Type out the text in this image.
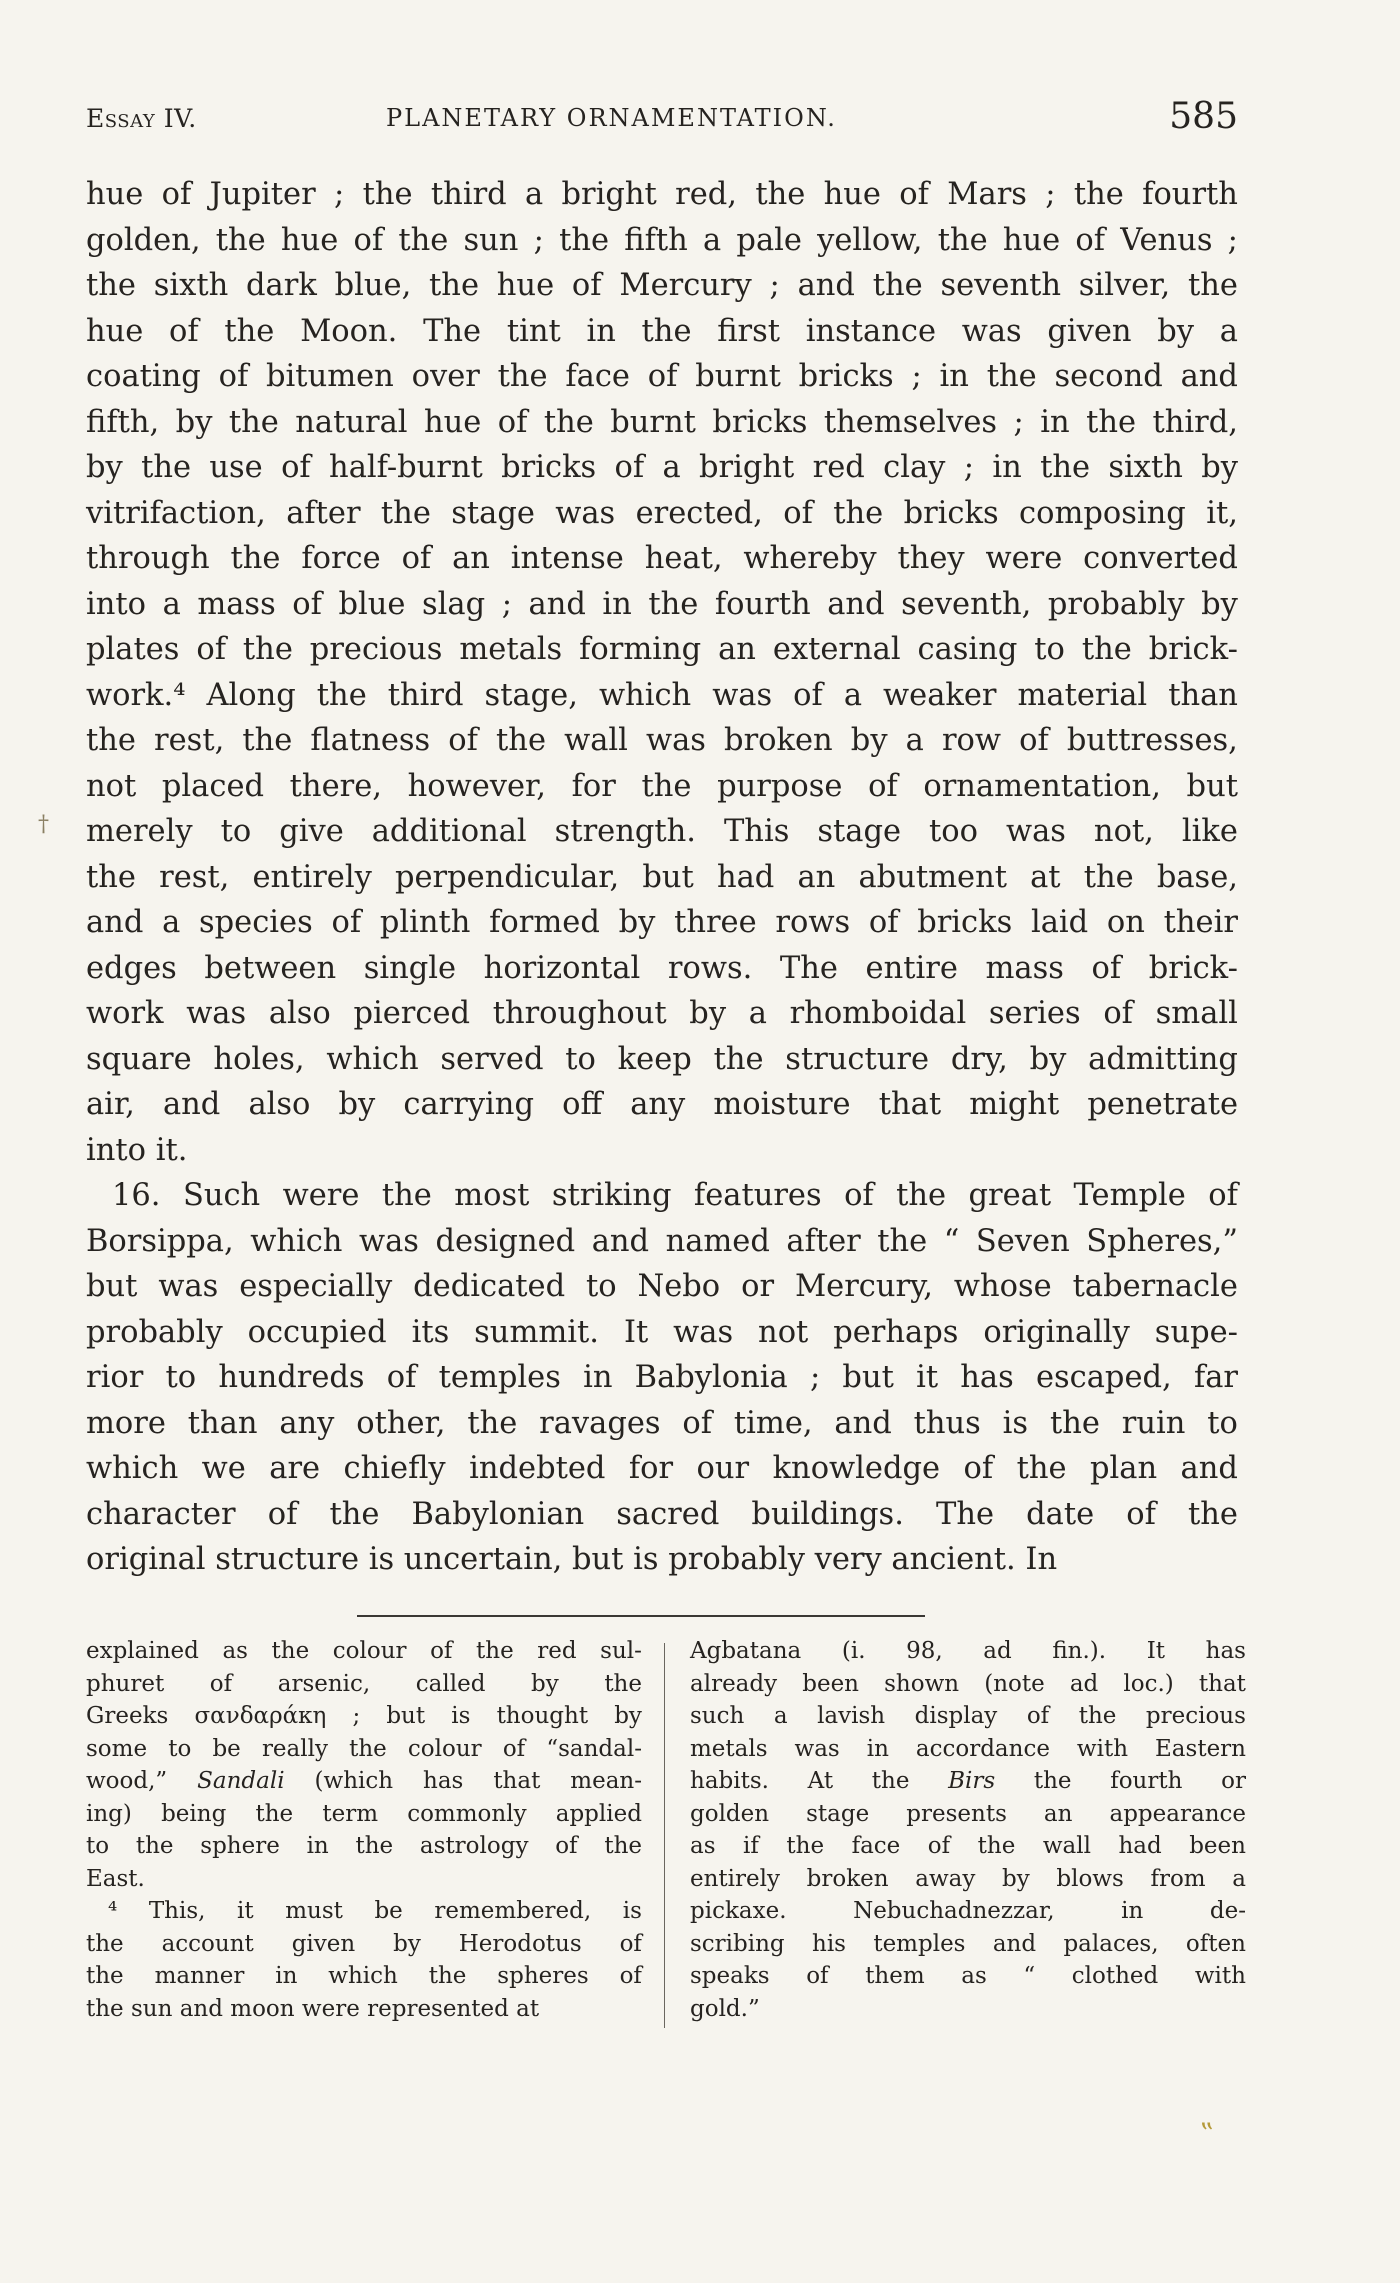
Essay IV.	PLANETARY ORNAMENTATION.	585
†
hue of Jupiter ; the third a bright red, the hue of Mars ; the fourth
golden, the hue of the sun ; the fifth a pale yellow, the hue of Venus ;
the sixth dark blue, the hue of Mercury ; and the seventh silver, the
hue of the Moon. The tint in the first instance was given by a
coating of bitumen over the face of burnt bricks ; in the second and
fifth, by the natural hue of the burnt bricks themselves ; in the third,
by the use of half-burnt bricks of a bright red clay ; in the sixth by
vitrifaction, after the stage was erected, of the bricks composing it,
through the force of an intense heat, whereby they were converted
into a mass of blue slag ; and in the fourth and seventh, probably by
plates of the precious metals forming an external casing to the brick-
work.⁴ Along the third stage, which was of a weaker material than
the rest, the flatness of the wall was broken by a row of buttresses,
not placed there, however, for the purpose of ornamentation, but
merely to give additional strength. This stage too was not, like
the rest, entirely perpendicular, but had an abutment at the base,
and a species of plinth formed by three rows of bricks laid on their
edges between single horizontal rows. The entire mass of brick-
work was also pierced throughout by a rhomboidal series of small
square holes, which served to keep the structure dry, by admitting
air, and also by carrying off any moisture that might penetrate
into it.
16. Such were the most striking features of the great Temple of
Borsippa, which was designed and named after the “ Seven Spheres,”
but was especially dedicated to Nebo or Mercury, whose tabernacle
probably occupied its summit. It was not perhaps originally supe-
rior to hundreds of temples in Babylonia ; but it has escaped, far
more than any other, the ravages of time, and thus is the ruin to
which we are chiefly indebted for our knowledge of the plan and
character of the Babylonian sacred buildings. The date of the
original structure is uncertain, but is probably very ancient. In
explained as the colour of the red sul-
phuret of arsenic, called by the
Greeks σανδαράκη ; but is thought by
some to be really the colour of “sandal-
wood,” Sandali (which has that mean-
ing) being the term commonly applied
to the sphere in the astrology of the
East.
⁴ This, it must be remembered, is
the account given by Herodotus of
the manner in which the spheres of
the sun and moon were represented at
Agbatana (i. 98, ad fin.). It has
already been shown (note ad loc.) that
such a lavish display of the precious
metals was in accordance with Eastern
habits. At the Birs the fourth or
golden stage presents an appearance
as if the face of the wall had been
entirely broken away by blows from a
pickaxe.	Nebuchadnezzar,	in	de-
scribing his temples and palaces, often
speaks of them as “ clothed with
gold.”
‟
